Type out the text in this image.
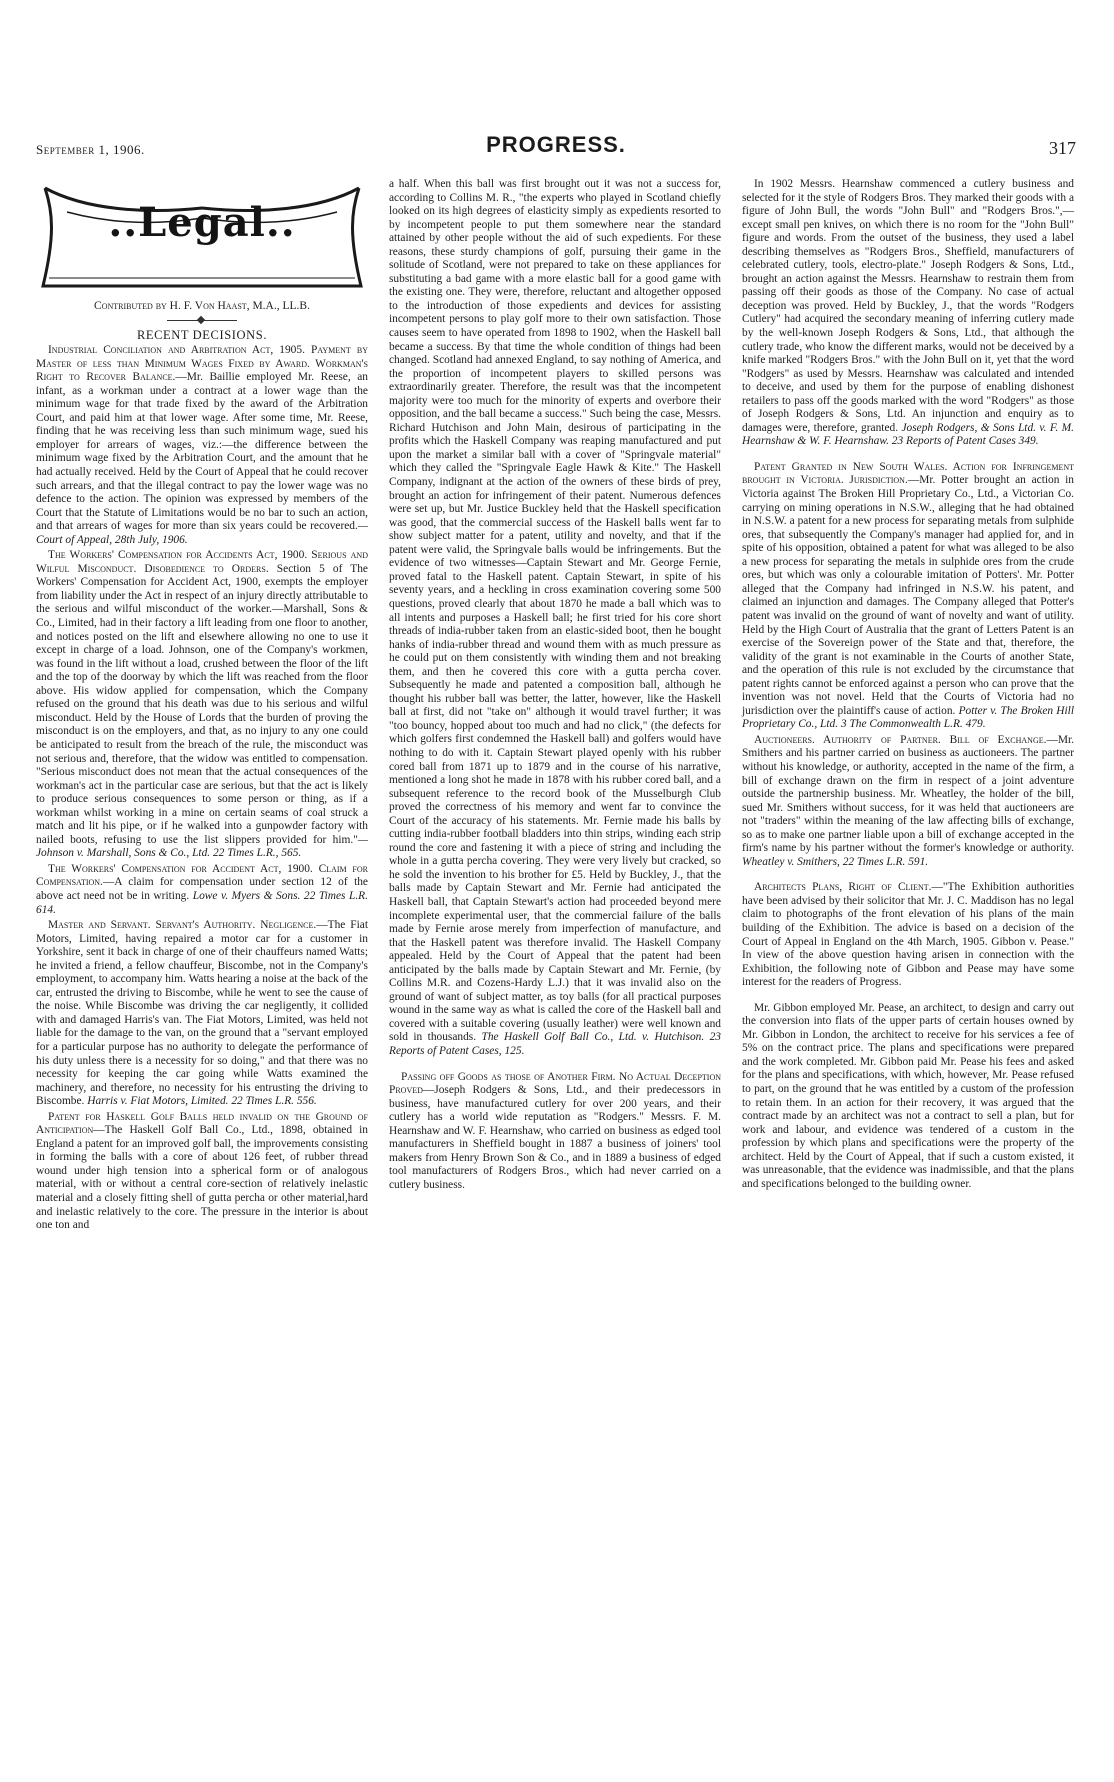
September 1, 1906.	PROGRESS.	317
..Legal..

Contributed by H. F. Von Haast, M.A., LL.B.

RECENT DECISIONS.

Industrial Conciliation and Arbitration Act, 1905. Payment by Master of less than Minimum Wages Fixed by Award. Workman's Right to Recover Balance.—Mr. Baillie employed Mr. Reese, an infant, as a workman under a contract at a lower wage than the minimum wage for that trade fixed by the award of the Arbitration Court, and paid him at that lower wage. After some time, Mr. Reese, finding that he was receiving less than such minimum wage, sued his employer for arrears of wages, viz.:—the difference between the minimum wage fixed by the Arbitration Court, and the amount that he had actually received. Held by the Court of Appeal that he could recover such arrears, and that the illegal contract to pay the lower wage was no defence to the action. The opinion was expressed by members of the Court that the Statute of Limitations would be no bar to such an action, and that arrears of wages for more than six years could be recovered.—Court of Appeal, 28th July, 1906.

The Workers' Compensation for Accidents Act, 1900. Serious and Wilful Misconduct. Disobedience to Orders. Section 5 of The Workers' Compensation for Accident Act, 1900, exempts the employer from liability under the Act in respect of an injury directly attributable to the serious and wilful misconduct of the worker.—Marshall, Sons & Co., Limited, had in their factory a lift leading from one floor to another, and notices posted on the lift and elsewhere allowing no one to use it except in charge of a load. Johnson, one of the Company's workmen, was found in the lift without a load, crushed between the floor of the lift and the top of the doorway by which the lift was reached from the floor above. His widow applied for compensation, which the Company refused on the ground that his death was due to his serious and wilful misconduct. Held by the House of Lords that the burden of proving the misconduct is on the employers, and that, as no injury to any one could be anticipated to result from the breach of the rule, the misconduct was not serious and, therefore, that the widow was entitled to compensation. "Serious misconduct does not mean that the actual consequences of the workman's act in the particular case are serious, but that the act is likely to produce serious consequences to some person or thing, as if a workman whilst working in a mine on certain seams of coal struck a match and lit his pipe, or if he walked into a gunpowder factory with nailed boots, refusing to use the list slippers provided for him."—Johnson v. Marshall, Sons & Co., Ltd. 22 Times L.R., 565.

The Workers' Compensation for Accident Act, 1900. Claim for Compensation.—A claim for compensation under section 12 of the above act need not be in writing. Lowe v. Myers & Sons. 22 Times L.R. 614.

Master and Servant. Servant's Authority. Negligence.—The Fiat Motors, Limited, having repaired a motor car for a customer in Yorkshire, sent it back in charge of one of their chauffeurs named Watts; he invited a friend, a fellow chauffeur, Biscombe, not in the Company's employment, to accompany him. Watts hearing a noise at the back of the car, entrusted the driving to Biscombe, while he went to see the cause of the noise. While Biscombe was driving the car negligently, it collided with and damaged Harris's van. The Fiat Motors, Limited, was held not liable for the damage to the van, on the ground that a "servant employed for a particular purpose has no authority to delegate the performance of his duty unless there is a necessity for so doing," and that there was no necessity for keeping the car going while Watts examined the machinery, and therefore, no necessity for his entrusting the driving to Biscombe. Harris v. Fiat Motors, Limited. 22 Times L.R. 556.

Patent for Haskell Golf Balls held invalid on the Ground of Anticipation—The Haskell Golf Ball Co., Ltd., 1898, obtained in England a patent for an improved golf ball, the improvements consisting in forming the balls with a core of about 126 feet, of rubber thread wound under high tension into a spherical form or of analogous material, with or without a central core-section of relatively inelastic material and a closely fitting shell of gutta percha or other material,hard and inelastic relatively to the core. The pressure in the interior is about one ton and

a half. When this ball was first brought out it was not a success for, according to Collins M. R., "the experts who played in Scotland chiefly looked on its high degrees of elasticity simply as expedients resorted to by incompetent people to put them somewhere near the standard attained by other people without the aid of such expedients. For these reasons, these sturdy champions of golf, pursuing their game in the solitude of Scotland, were not prepared to take on these appliances for substituting a bad game with a more elastic ball for a good game with the existing one. They were, therefore, reluctant and altogether opposed to the introduction of those expedients and devices for assisting incompetent persons to play golf more to their own satisfaction. Those causes seem to have operated from 1898 to 1902, when the Haskell ball became a success. By that time the whole condition of things had been changed. Scotland had annexed England, to say nothing of America, and the proportion of incompetent players to skilled persons was extraordinarily greater. Therefore, the result was that the incompetent majority were too much for the minority of experts and overbore their opposition, and the ball became a success." Such being the case, Messrs. Richard Hutchison and John Main, desirous of participating in the profits which the Haskell Company was reaping manufactured and put upon the market a similar ball with a cover of "Springvale material" which they called the "Springvale Eagle Hawk & Kite." The Haskell Company, indignant at the action of the owners of these birds of prey, brought an action for infringement of their patent. Numerous defences were set up, but Mr. Justice Buckley held that the Haskell specification was good, that the commercial success of the Haskell balls went far to show subject matter for a patent, utility and novelty, and that if the patent were valid, the Springvale balls would be infringements. But the evidence of two witnesses—Captain Stewart and Mr. George Fernie, proved fatal to the Haskell patent. Captain Stewart, in spite of his seventy years, and a heckling in cross examination covering some 500 questions, proved clearly that about 1870 he made a ball which was to all intents and purposes a Haskell ball; he first tried for his core short threads of india-rubber taken from an elastic-sided boot, then he bought hanks of india-rubber thread and wound them with as much pressure as he could put on them consistently with winding them and not breaking them, and then he covered this core with a gutta percha cover. Subsequently he made and patented a composition ball, although he thought his rubber ball was better, the latter, however, like the Haskell ball at first, did not "take on" although it would travel further; it was "too bouncy, hopped about too much and had no click," (the defects for which golfers first condemned the Haskell ball) and golfers would have nothing to do with it. Captain Stewart played openly with his rubber cored ball from 1871 up to 1879 and in the course of his narrative, mentioned a long shot he made in 1878 with his rubber cored ball, and a subsequent reference to the record book of the Musselburgh Club proved the correctness of his memory and went far to convince the Court of the accuracy of his statements. Mr. Fernie made his balls by cutting india-rubber football bladders into thin strips, winding each strip round the core and fastening it with a piece of string and including the whole in a gutta percha covering. They were very lively but cracked, so he sold the invention to his brother for £5. Held by Buckley, J., that the balls made by Captain Stewart and Mr. Fernie had anticipated the Haskell ball, that Captain Stewart's action had proceeded beyond mere incomplete experimental user, that the commercial failure of the balls made by Fernie arose merely from imperfection of manufacture, and that the Haskell patent was therefore invalid. The Haskell Company appealed. Held by the Court of Appeal that the patent had been anticipated by the balls made by Captain Stewart and Mr. Fernie, (by Collins M.R. and Cozens-Hardy L.J.) that it was invalid also on the ground of want of subject matter, as toy balls (for all practical purposes wound in the same way as what is called the core of the Haskell ball and covered with a suitable covering (usually leather) were well known and sold in thousands. The Haskell Golf Ball Co., Ltd. v. Hutchison. 23 Reports of Patent Cases, 125.

Passing off Goods as those of Another Firm. No Actual Deception Proved—Joseph Rodgers & Sons, Ltd., and their predecessors in business, have manufactured cutlery for over 200 years, and their cutlery has a world wide reputation as "Rodgers." Messrs. F. M. Hearnshaw and W. F. Hearnshaw, who carried on business as edged tool manufacturers in Sheffield bought in 1887 a business of joiners' tool makers from Henry Brown Son & Co., and in 1889 a business of edged tool manufacturers of Rodgers Bros., which had never carried on a cutlery business.

In 1902 Messrs. Hearnshaw commenced a cutlery business and selected for it the style of Rodgers Bros. They marked their goods with a figure of John Bull, the words "John Bull" and "Rodgers Bros.",—except small pen knives, on which there is no room for the "John Bull" figure and words. From the outset of the business, they used a label describing themselves as "Rodgers Bros., Sheffield, manufacturers of celebrated cutlery, tools, electro-plate." Joseph Rodgers & Sons, Ltd., brought an action against the Messrs. Hearnshaw to restrain them from passing off their goods as those of the Company. No case of actual deception was proved. Held by Buckley, J., that the words "Rodgers Cutlery" had acquired the secondary meaning of inferring cutlery made by the well-known Joseph Rodgers & Sons, Ltd., that although the cutlery trade, who know the different marks, would not be deceived by a knife marked "Rodgers Bros." with the John Bull on it, yet that the word "Rodgers" as used by Messrs. Hearnshaw was calculated and intended to deceive, and used by them for the purpose of enabling dishonest retailers to pass off the goods marked with the word "Rodgers" as those of Joseph Rodgers & Sons, Ltd. An injunction and enquiry as to damages were, therefore, granted. Joseph Rodgers, & Sons Ltd. v. F. M. Hearnshaw & W. F. Hearnshaw. 23 Reports of Patent Cases 349.

Patent Granted in New South Wales. Action for Infringement brought in Victoria. Jurisdiction.—Mr. Potter brought an action in Victoria against The Broken Hill Proprietary Co., Ltd., a Victorian Co. carrying on mining operations in N.S.W., alleging that he had obtained in N.S.W. a patent for a new process for separating metals from sulphide ores, that subsequently the Company's manager had applied for, and in spite of his opposition, obtained a patent for what was alleged to be also a new process for separating the metals in sulphide ores from the crude ores, but which was only a colourable imitation of Potters'. Mr. Potter alleged that the Company had infringed in N.S.W. his patent, and claimed an injunction and damages. The Company alleged that Potter's patent was invalid on the ground of want of novelty and want of utility. Held by the High Court of Australia that the grant of Letters Patent is an exercise of the Sovereign power of the State and that, therefore, the validity of the grant is not examinable in the Courts of another State, and the operation of this rule is not excluded by the circumstance that patent rights cannot be enforced against a person who can prove that the invention was not novel. Held that the Courts of Victoria had no jurisdiction over the plaintiff's cause of action. Potter v. The Broken Hill Proprietary Co., Ltd. 3 The Commonwealth L.R. 479.

Auctioneers. Authority of Partner. Bill of Exchange.—Mr. Smithers and his partner carried on business as auctioneers. The partner without his knowledge, or authority, accepted in the name of the firm, a bill of exchange drawn on the firm in respect of a joint adventure outside the partnership business. Mr. Wheatley, the holder of the bill, sued Mr. Smithers without success, for it was held that auctioneers are not "traders" within the meaning of the law affecting bills of exchange, so as to make one partner liable upon a bill of exchange accepted in the firm's name by his partner without the former's knowledge or authority. Wheatley v. Smithers, 22 Times L.R. 591.

Architects Plans, Right of Client.—"The Exhibition authorities have been advised by their solicitor that Mr. J. C. Maddison has no legal claim to photographs of the front elevation of his plans of the main building of the Exhibition. The advice is based on a decision of the Court of Appeal in England on the 4th March, 1905. Gibbon v. Pease." In view of the above question having arisen in connection with the Exhibition, the following note of Gibbon and Pease may have some interest for the readers of Progress.

Mr. Gibbon employed Mr. Pease, an architect, to design and carry out the conversion into flats of the upper parts of certain houses owned by Mr. Gibbon in London, the architect to receive for his services a fee of 5% on the contract price. The plans and specifications were prepared and the work completed. Mr. Gibbon paid Mr. Pease his fees and asked for the plans and specifications, with which, however, Mr. Pease refused to part, on the ground that he was entitled by a custom of the profession to retain them. In an action for their recovery, it was argued that the contract made by an architect was not a contract to sell a plan, but for work and labour, and evidence was tendered of a custom in the profession by which plans and specifications were the property of the architect. Held by the Court of Appeal, that if such a custom existed, it was unreasonable, that the evidence was inadmissible, and that the plans and specifications belonged to the building owner.
